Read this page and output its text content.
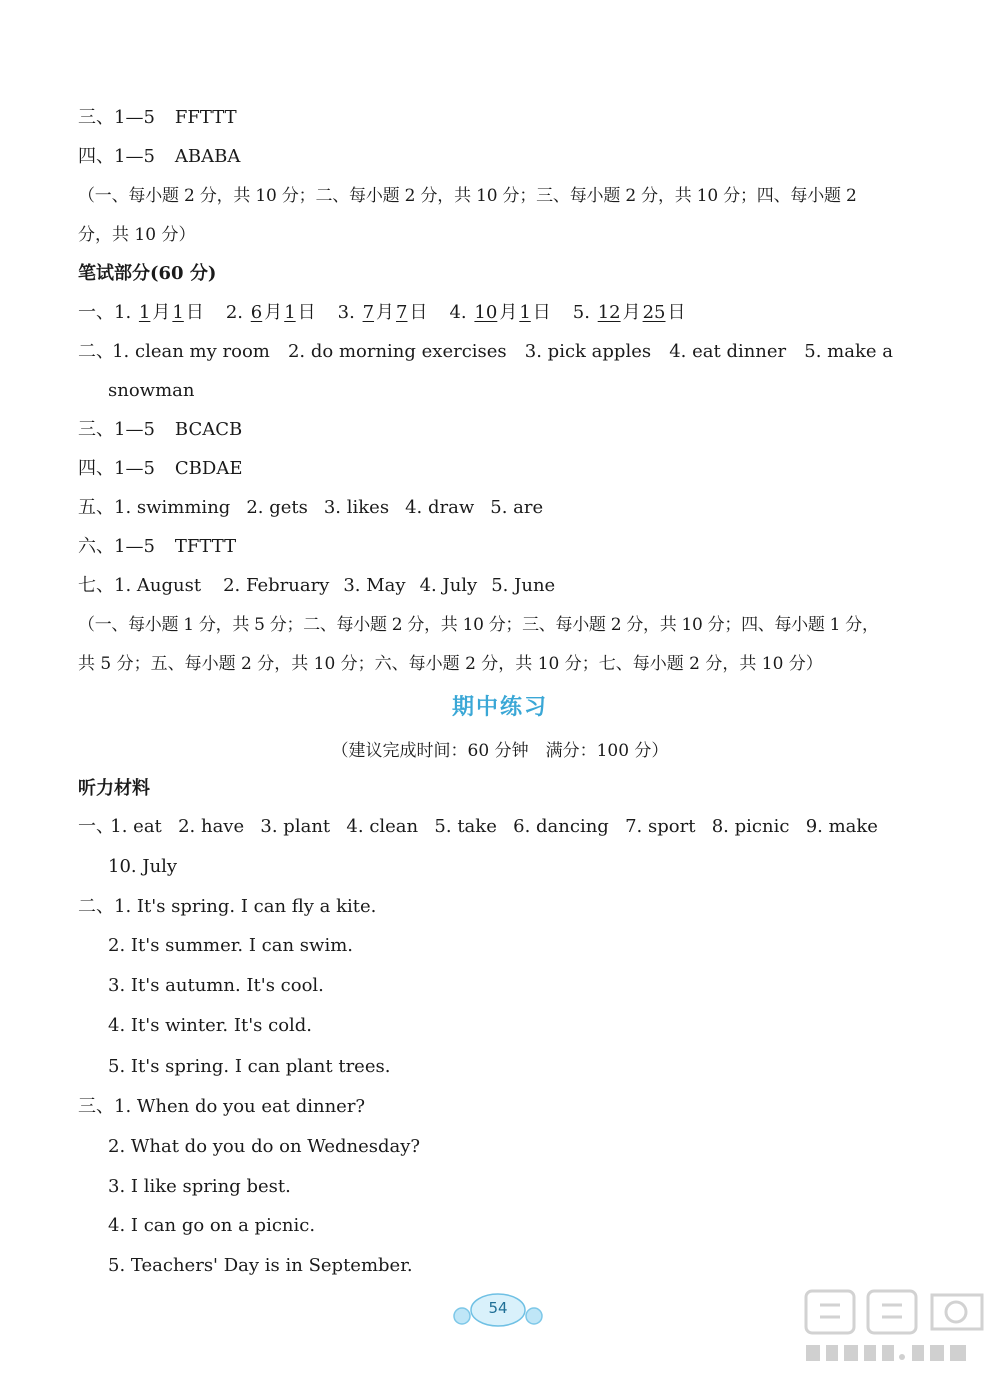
三、1—5 FFTTT
四、1—5 ABABA
（一、每小题 2 分，共 10 分；二、每小题 2 分，共 10 分；三、每小题 2 分，共 10 分；四、每小题 2
分，共 10 分）
笔试部分(60 分)
一、1. 1 月 1 日 2. 6 月 1 日 3. 7 月 7 日 4. 10 月 1 日 5. 12 月 25 日
二、
1. clean my room 2. do morning exercises 3. pick apples 4. eat dinner 5. make a
snowman
三、1—5 BCACB
四、1—5 CBDAE
五、1. swimming 2. gets 3. likes 4. draw 5. are
六、1—5 TFTTT
七、1. August 2. February 3. May 4. July 5. June
（一、每小题 1 分，共 5 分；二、每小题 2 分，共 10 分；三、每小题 2 分，共 10 分；四、每小题 1 分，
共 5 分；五、每小题 2 分，共 10 分；六、每小题 2 分，共 10 分；七、每小题 2 分，共 10 分）
期中练习
（建议完成时间：60 分钟　满分：100 分）
听力材料
一、
1. eat 2. have 3. plant 4. clean 5. take 6. dancing 7. sport 8. picnic 9. make
10. July
二、1. It's spring. I can fly a kite.
2. It's summer. I can swim.
3. It's autumn. It's cool.
4. It's winter. It's cold.
5. It's spring. I can plant trees.
三、1. When do you eat dinner?
2. What do you do on Wednesday?
3. I like spring best.
4. I can go on a picnic.
5. Teachers' Day is in September.
54
